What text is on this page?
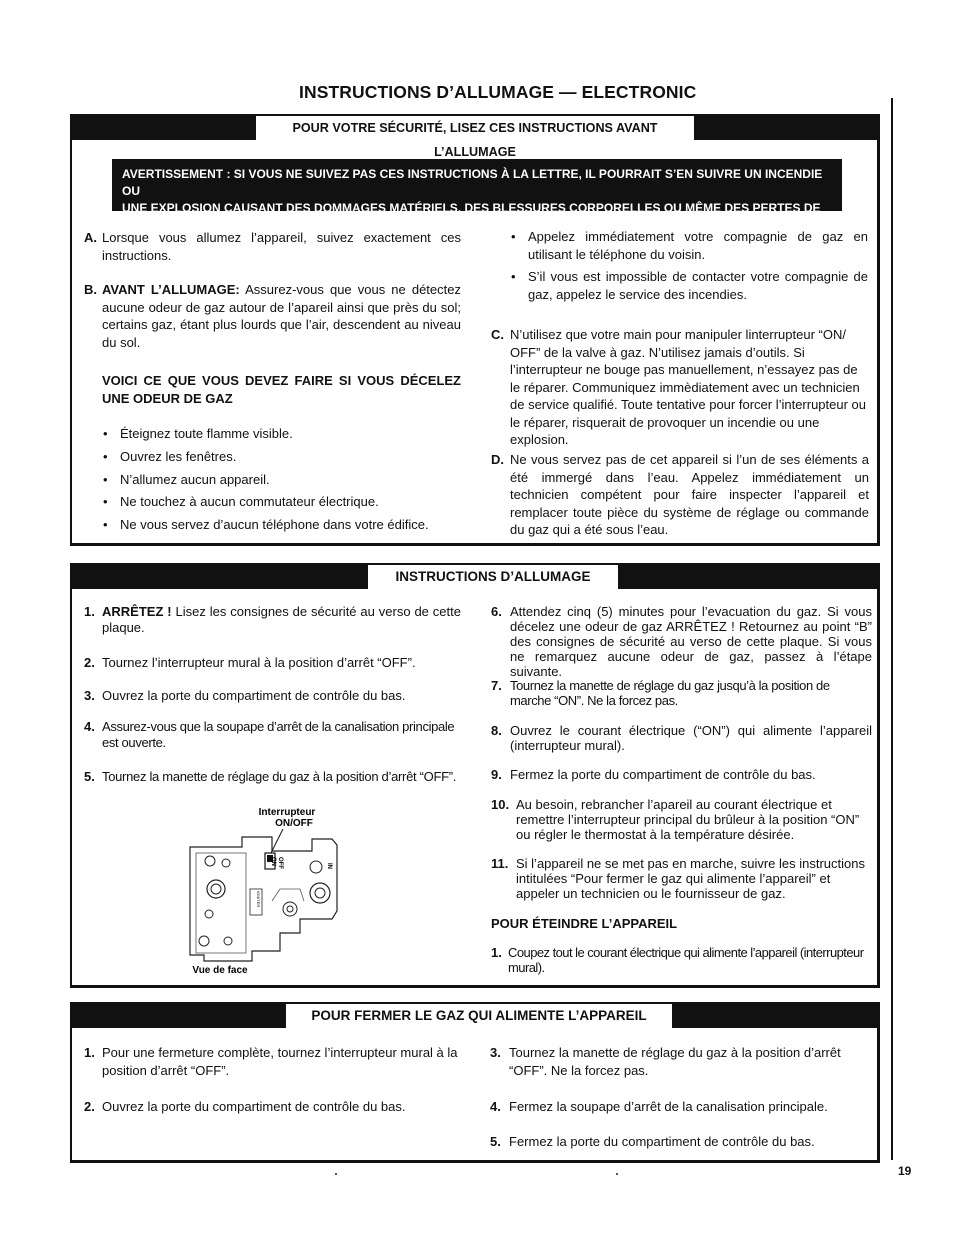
INSTRUCTIONS D’ALLUMAGE — ELECTRONIC
19
POUR VOTRE SÉCURITÉ, LISEZ CES INSTRUCTIONS AVANT L’ALLUMAGE
AVERTISSEMENT : SI VOUS NE SUIVEZ PAS CES INSTRUCTIONS À LA LETTRE, IL POURRAIT S’EN SUIVRE UN INCENDIE OU
UNE EXPLOSION CAUSANT DES DOMMAGES MATÉRIELS, DES BLESSURES CORPORELLES OU MÊME DES PERTES DE VIE.
A. Lorsque vous allumez l’appareil, suivez exactement ces instructions.
B. AVANT L’ALLUMAGE: Assurez-vous que vous ne détectez aucune odeur de gaz autour de l’apareil ainsi que près du sol; certains gaz, étant plus lourds que l’air, descendent au niveau du sol.
VOICI CE QUE VOUS DEVEZ FAIRE SI VOUS DÉCELEZ UNE ODEUR DE GAZ
• Éteignez toute flamme visible.
• Ouvrez les fenêtres.
• N’allumez aucun appareil.
• Ne touchez à aucun commutateur électrique.
• Ne vous servez d’aucun téléphone dans votre édifice.
• Appelez immédiatement votre compagnie de gaz en utilisant le téléphone du voisin.
• S’il vous est impossible de contacter votre compagnie de gaz, appelez le service des incendies.
C. N’utilisez que votre main pour manipuler linterrupteur “ON/ OFF” de la valve à gaz. N’utilisez jamais d’outils. Si l’interrupteur ne bouge pas manuellement, n’essayez pas de le réparer. Communiquez immèdiatement avec un technicien de service qualifié. Toute tentative pour forcer l’interrupteur ou le réparer, risquerait de provoquer un incendie ou une explosion.
D. Ne vous servez pas de cet appareil si l’un de ses éléments a été immergé dans l’eau. Appelez immédiatement un technicien compétent pour faire inspecter l’appareil et remplacer toute pièce du système de réglage ou commande du gaz qui a été sous l’eau.
INSTRUCTIONS D’ALLUMAGE
1. ARRÊTEZ ! Lisez les consignes de sécurité au verso de cette plaque.
2. Tournez l’interrupteur mural à la position d’arrêt “OFF”.
3. Ouvrez la porte du compartiment de contrôle du bas.
4. Assurez-vous que la soupape d’arrêt de la canalisation principale est ouverte.
5. Tournez la manette de réglage du gaz à la position d’arrêt “OFF”.
Interrupteur
ON/OFF
OFF
ON
IGNITER
IN
Vue de face
6. Attendez cinq (5) minutes pour l’evacuation du gaz. Si vous décelez une odeur de gaz ARRÊTEZ ! Retournez au point “B” des consignes de sécurité au verso de cette plaque. Si vous ne remarquez aucune odeur de gaz, passez à l’étape suivante.
7. Tournez la manette de réglage du gaz jusqu’à la position de marche “ON”. Ne la forcez pas.
8. Ouvrez le courant électrique (“ON”) qui alimente l’appareil (interrupteur mural).
9. Fermez la porte du compartiment de contrôle du bas.
10. Au besoin, rebrancher l’apareil au courant électrique et remettre l’interrupteur principal du brûleur à la position “ON” ou régler le thermostat à la température désirée.
11. Si l’appareil ne se met pas en marche, suivre les instructions intitulées “Pour fermer le gaz qui alimente l’appareil” et appeler un technicien ou le fournisseur de gaz.
POUR ÉTEINDRE L’APPAREIL
1. Coupez tout le courant électrique qui alimente l’appareil (interrupteur mural).
POUR FERMER LE GAZ QUI ALIMENTE L’APPAREIL
1. Pour une fermeture complète, tournez l’interrupteur mural à la position d’arrêt “OFF”.
2. Ouvrez la porte du compartiment de contrôle du bas.
3. Tournez la manette de réglage du gaz à la position d’arrêt “OFF”. Ne la forcez pas.
4. Fermez la soupape d’arrêt de la canalisation principale.
5. Fermez la porte du compartiment de contrôle du bas.
